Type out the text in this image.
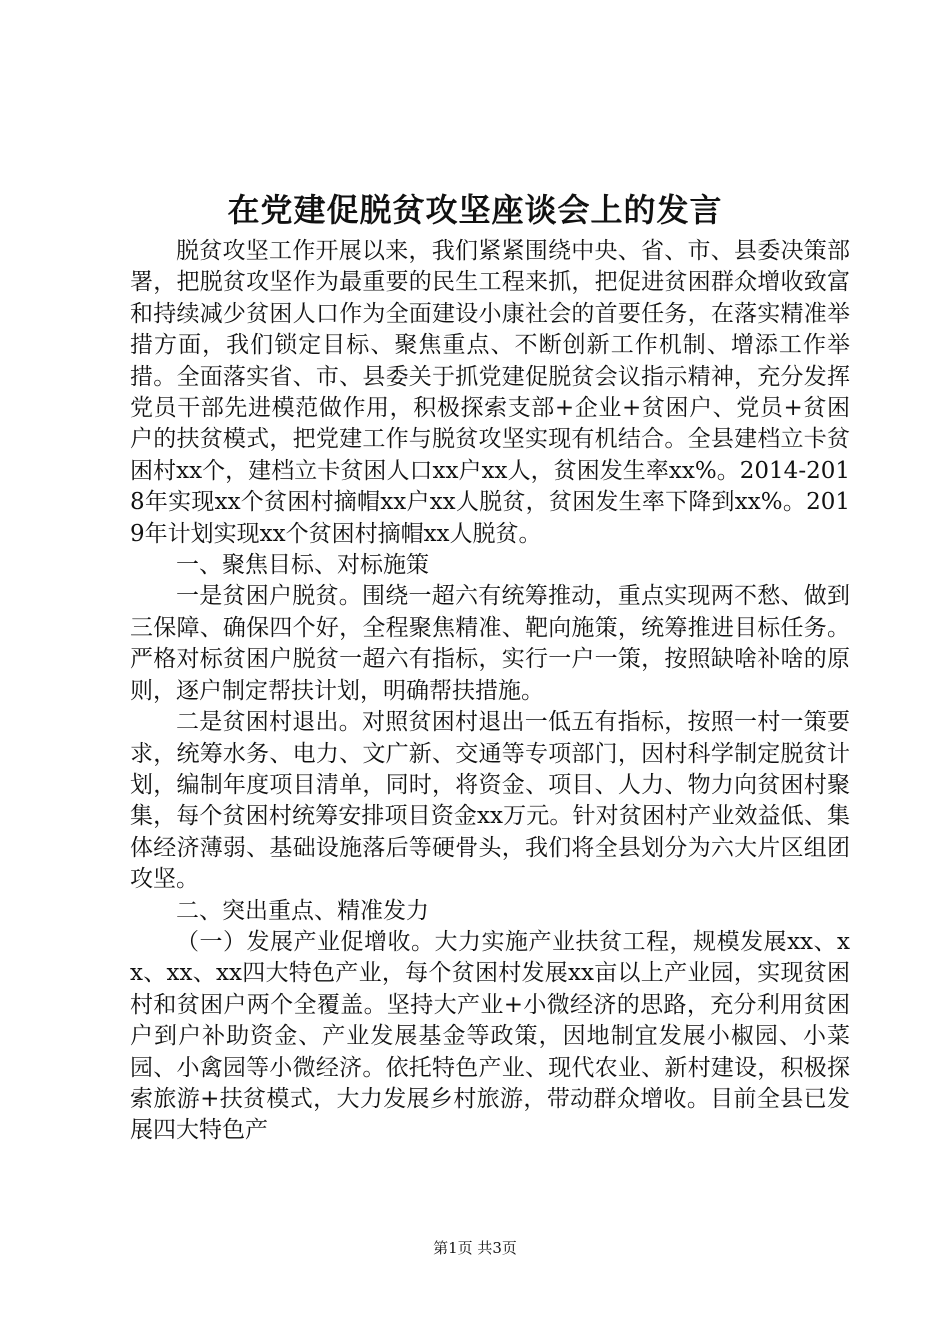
在党建促脱贫攻坚座谈会上的发言

脱贫攻坚工作开展以来，我们紧紧围绕中央、省、市、县委决策部署，把脱贫攻坚作为最重要的民生工程来抓，把促进贫困群众增收致富和持续减少贫困人口作为全面建设小康社会的首要任务，在落实精准举措方面，我们锁定目标、聚焦重点、不断创新工作机制、增添工作举措。全面落实省、市、县委关于抓党建促脱贫会议指示精神，充分发挥党员干部先进模范做作用，积极探索支部+企业+贫困户、党员+贫困户的扶贫模式，把党建工作与脱贫攻坚实现有机结合。全县建档立卡贫困村xx个，建档立卡贫困人口xx户xx人，贫困发生率xx%。2014-2018年实现xx个贫困村摘帽xx户xx人脱贫，贫困发生率下降到xx%。2019年计划实现xx个贫困村摘帽xx人脱贫。

一、聚焦目标、对标施策

一是贫困户脱贫。围绕一超六有统筹推动，重点实现两不愁、做到三保障、确保四个好，全程聚焦精准、靶向施策，统筹推进目标任务。严格对标贫困户脱贫一超六有指标，实行一户一策，按照缺啥补啥的原则，逐户制定帮扶计划，明确帮扶措施。

二是贫困村退出。对照贫困村退出一低五有指标，按照一村一策要求，统筹水务、电力、文广新、交通等专项部门，因村科学制定脱贫计划，编制年度项目清单，同时，将资金、项目、人力、物力向贫困村聚集，每个贫困村统筹安排项目资金xx万元。针对贫困村产业效益低、集体经济薄弱、基础设施落后等硬骨头，我们将全县划分为六大片区组团攻坚。

二、突出重点、精准发力

（一）发展产业促增收。大力实施产业扶贫工程，规模发展xx、xx、xx、xx四大特色产业，每个贫困村发展xx亩以上产业园，实现贫困村和贫困户两个全覆盖。坚持大产业+小微经济的思路，充分利用贫困户到户补助资金、产业发展基金等政策，因地制宜发展小椒园、小菜园、小禽园等小微经济。依托特色产业、现代农业、新村建设，积极探索旅游+扶贫模式，大力发展乡村旅游，带动群众增收。目前全县已发展四大特色产

第1页 共3页
